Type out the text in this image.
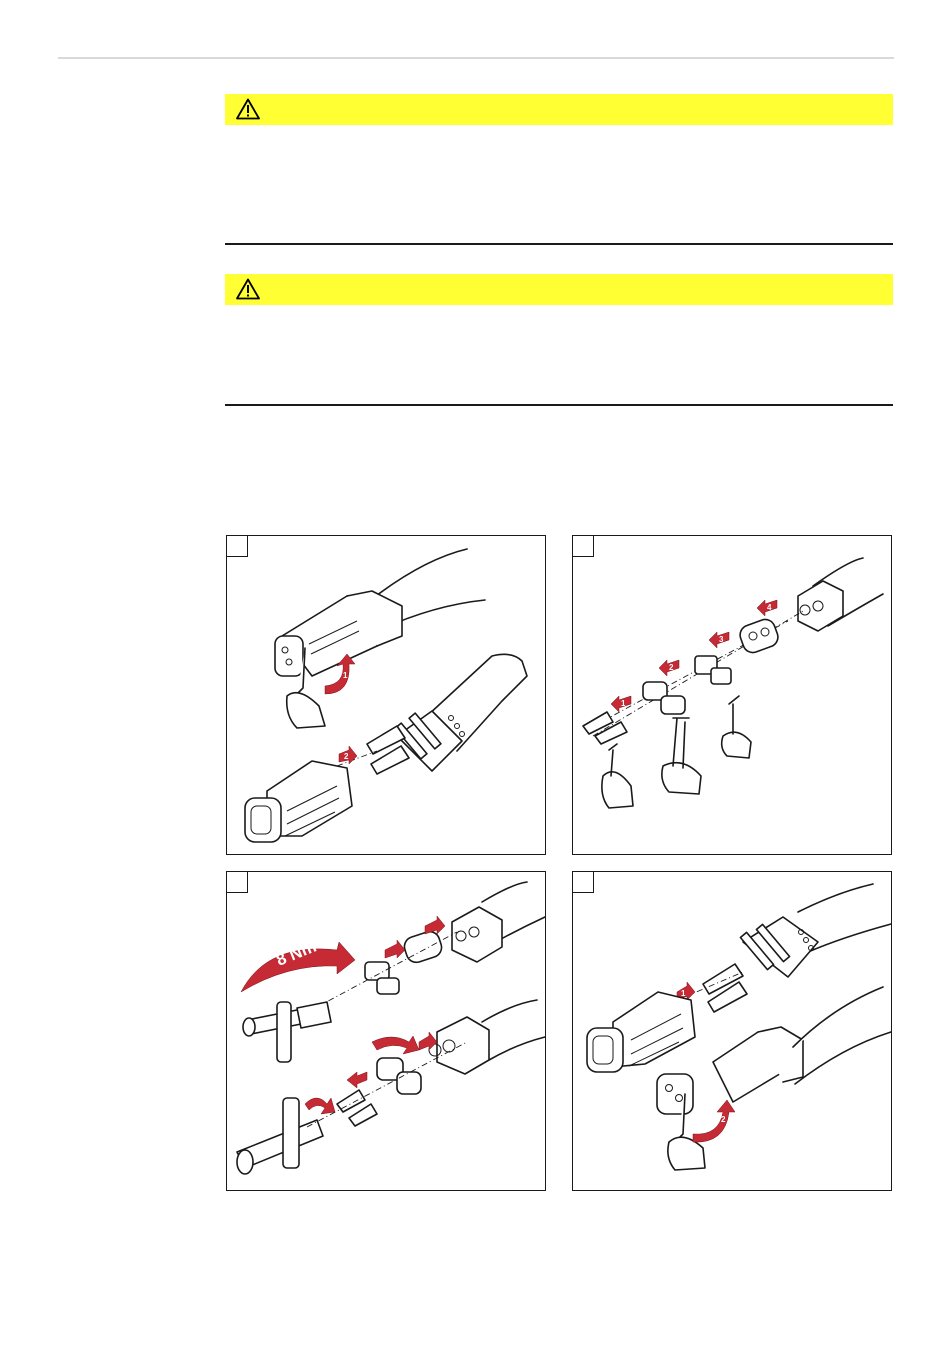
1
2
1
2
3
4
8 Nm
1
2
